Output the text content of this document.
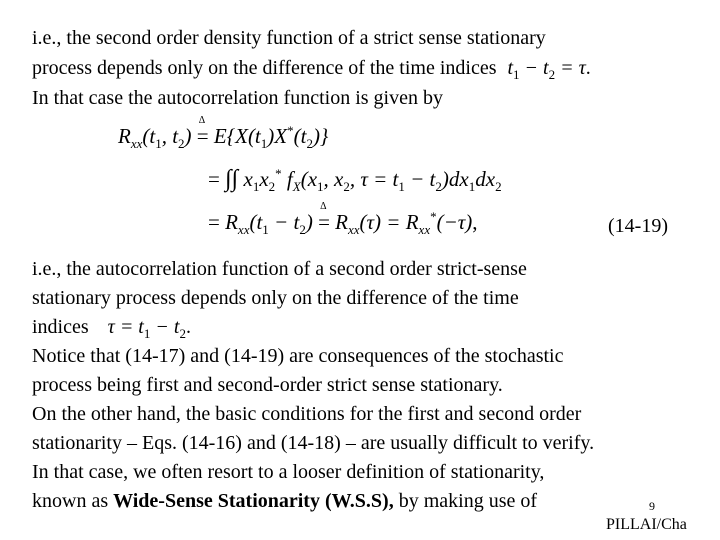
i.e., the second order density function of a strict sense stationary
process depends only on the difference of the time indices $t_1 - t_2 = \tau$.
In that case the autocorrelation function is given by
$R_{xx}(t_1$, $t_2$) =
Δ
$E\{X(t_1)X^*(t_2)\}$
= ∫∫ $x_1x_2^*$ $f_X(x_1$, $x_2$, $\tau = t_1 - t_2)dx_1dx_2$
= $R_{xx}(t_1 - t_2)$ =
Δ
$R_{xx}(\tau) = R_{xx}^*(-\tau)$,	(14-19)
i.e., the autocorrelation function of a second order strict-sense
stationary process depends only on the difference of the time
indices $\tau = t_1 - t_2$.
Notice that (14-17) and (14-19) are consequences of the stochastic
process being first and second-order strict sense stationary.
On the other hand, the basic conditions for the first and second order
stationarity – Eqs. (14-16) and (14-18) – are usually difficult to verify.
In that case, we often resort to a looser definition of stationarity,
known as Wide-Sense Stationarity (W.S.S), by making use of	9
PILLAI/Cha
